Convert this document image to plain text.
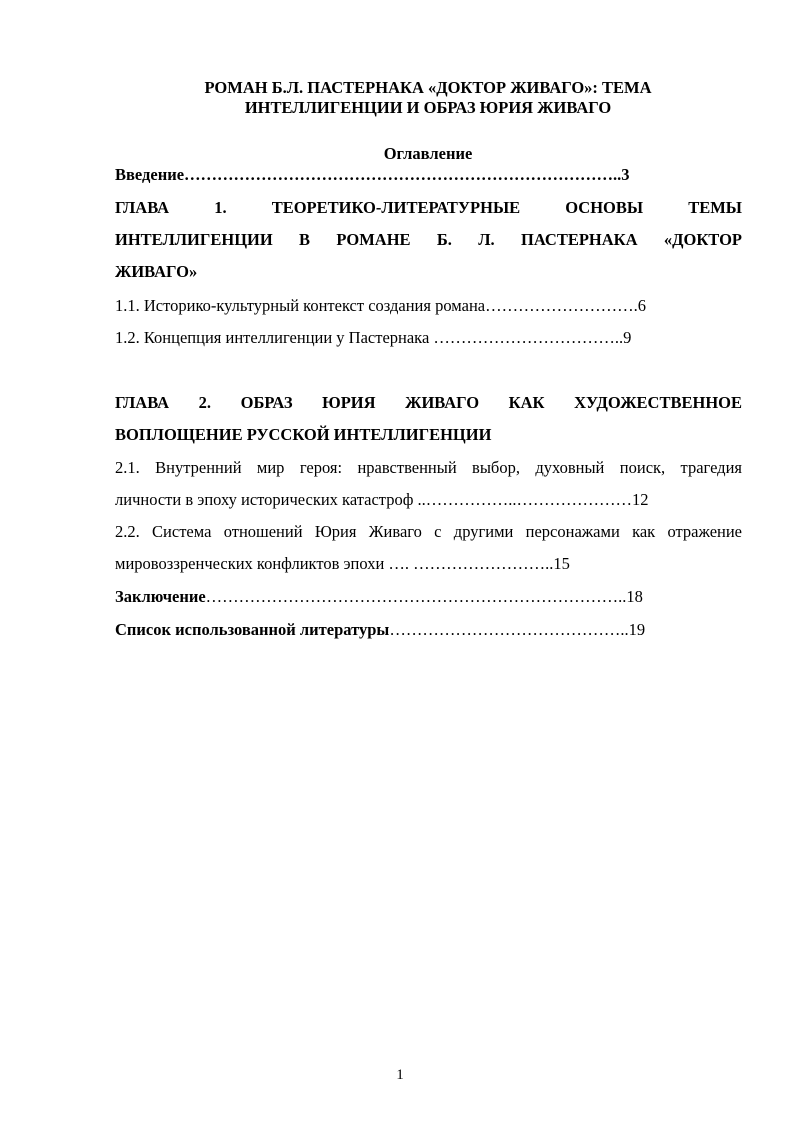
РОМАН Б.Л. ПАСТЕРНАКА «ДОКТОР ЖИВАГО»: ТЕМА
ИНТЕЛЛИГЕНЦИИ И ОБРАЗ ЮРИЯ ЖИВАГО
Оглавление
Введение……………………………………………………………………..3
ГЛАВА 1. ТЕОРЕТИКО-ЛИТЕРАТУРНЫЕ ОСНОВЫ ТЕМЫ
ИНТЕЛЛИГЕНЦИИ В РОМАНЕ Б. Л. ПАСТЕРНАКА «ДОКТОР
ЖИВАГО»
1.1. Историко-культурный контекст создания романа……………………….6
1.2. Концепция интеллигенции у Пастернака ……………………………..9
ГЛАВА 2. ОБРАЗ ЮРИЯ ЖИВАГО КАК ХУДОЖЕСТВЕННОЕ
ВОПЛОЩЕНИЕ РУССКОЙ ИНТЕЛЛИГЕНЦИИ
2.1. Внутренний мир героя: нравственный выбор, духовный поиск, трагедия
личности в эпоху исторических катастроф ..……………..…………………12
2.2. Система отношений Юрия Живаго с другими персонажами как отражение
мировоззренческих конфликтов эпохи …. ……………………..15
Заключение…………………………………………………………………..18
Список использованной литературы……………………………………..19
1
